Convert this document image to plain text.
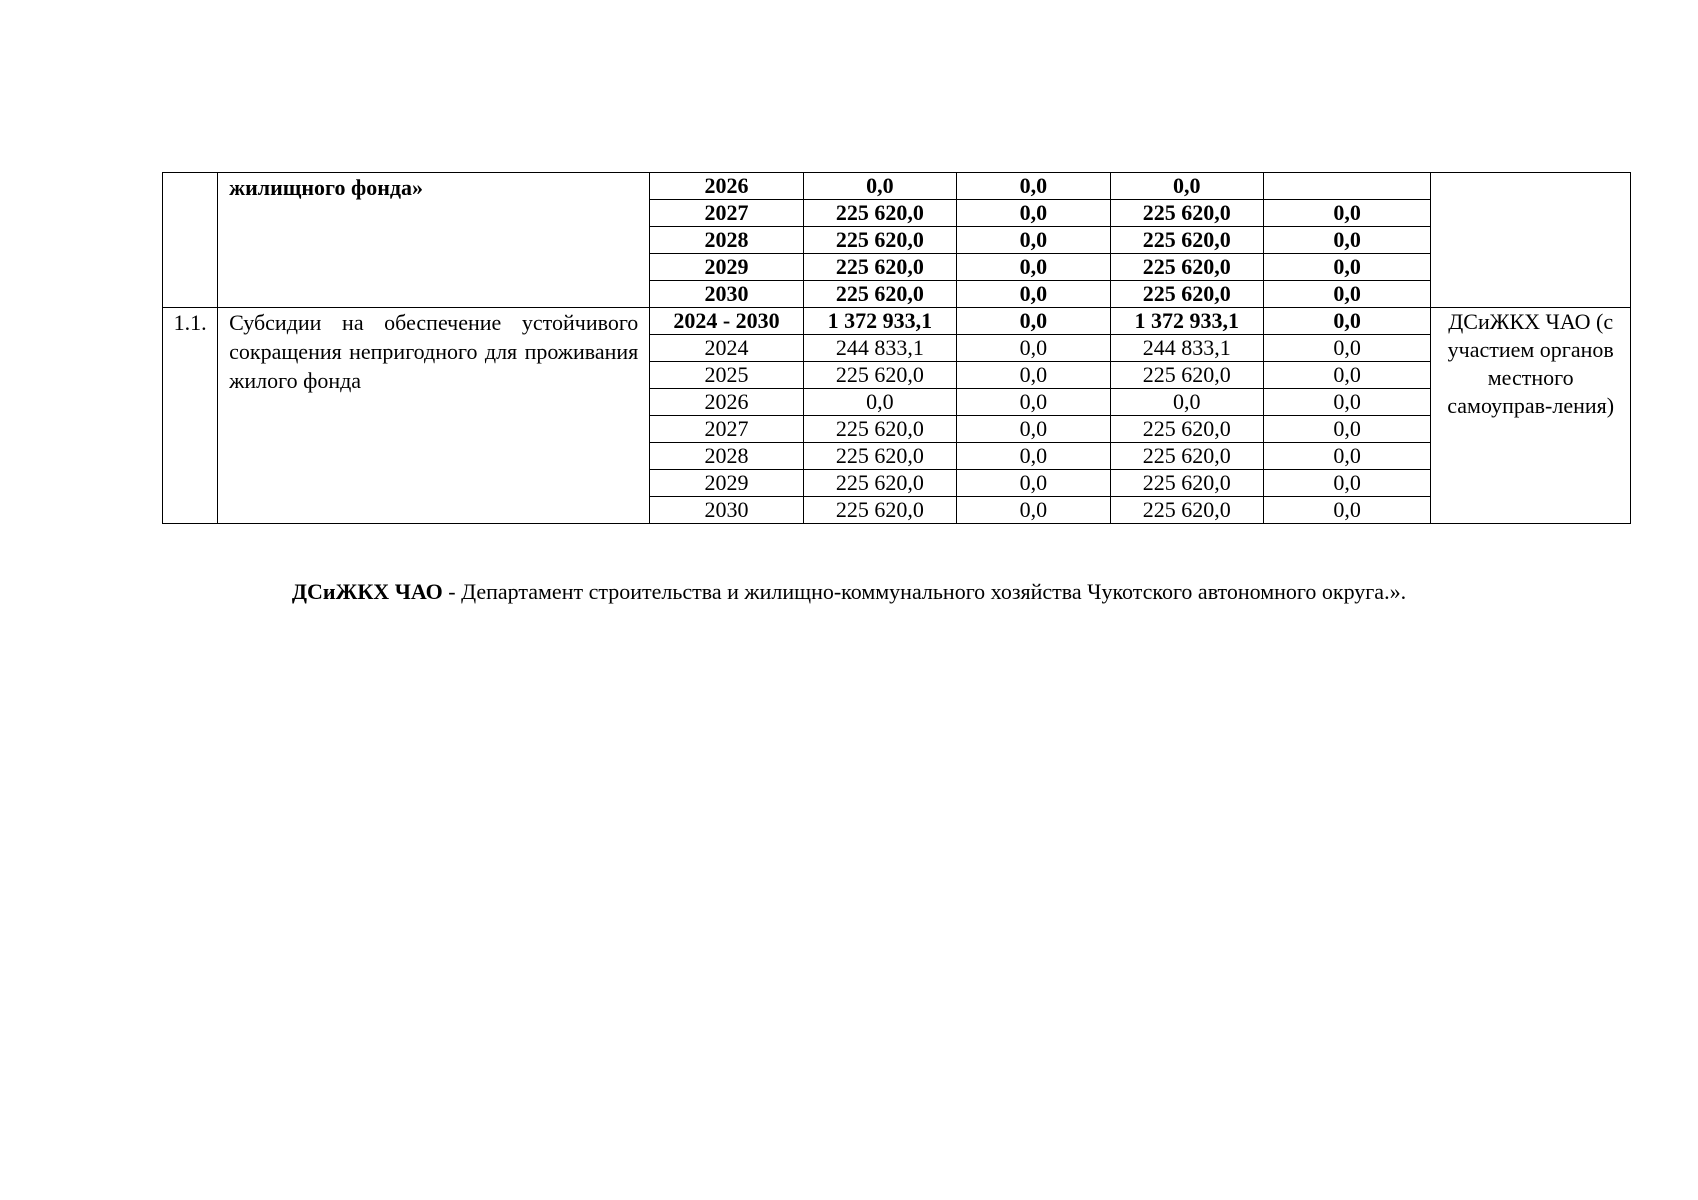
	жилищного фонда»	2026	0,0	0,0	0,0		
		2027	225 620,0	0,0	225 620,0	0,0	
		2028	225 620,0	0,0	225 620,0	0,0	
		2029	225 620,0	0,0	225 620,0	0,0	
		2030	225 620,0	0,0	225 620,0	0,0	
1.1.	Субсидии на обеспечение устойчивого сокращения непригодного для проживания жилого фонда	2024 - 2030	1 372 933,1	0,0	1 372 933,1	0,0	ДСиЖКХ ЧАО (с участием органов местного самоуправ-ления)
		2024	244 833,1	0,0	244 833,1	0,0	
		2025	225 620,0	0,0	225 620,0	0,0	
		2026	0,0	0,0	0,0	0,0	
		2027	225 620,0	0,0	225 620,0	0,0	
		2028	225 620,0	0,0	225 620,0	0,0	
		2029	225 620,0	0,0	225 620,0	0,0	
		2030	225 620,0	0,0	225 620,0	0,0	

ДСиЖКХ ЧАО - Департамент строительства и жилищно-коммунального хозяйства Чукотского автономного округа.».
